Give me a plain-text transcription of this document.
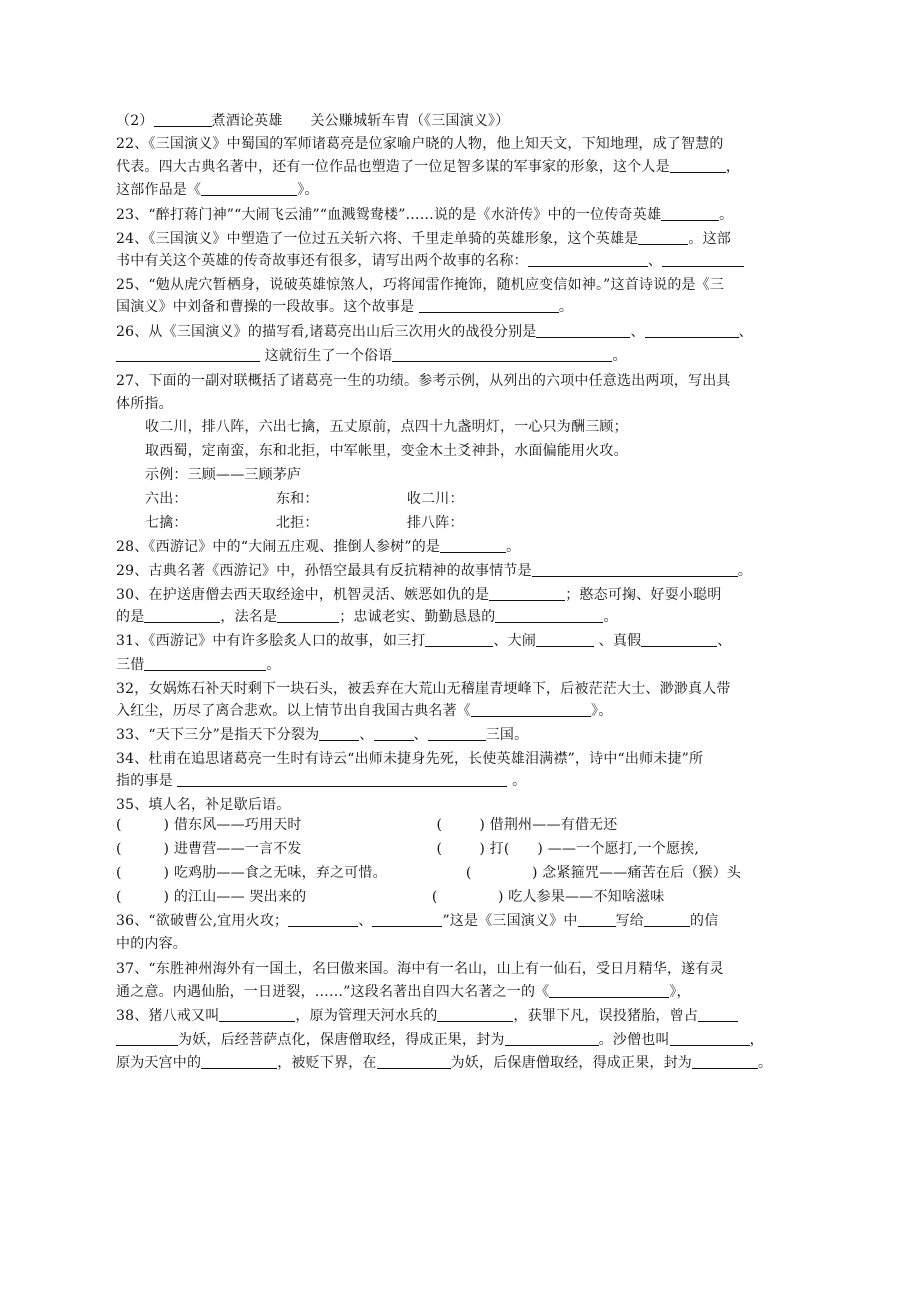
（2）	煮酒论英雄      关公赚城斩车胄（《三国演义》）
22、《三国演义》中蜀国的军师诸葛亮是位家喻户晓的人物，他上知天文，下知地理，成了智慧的
代表。四大古典名著中，还有一位作品也塑造了一位足智多谋的军事家的形象，这个人是	，
这部作品是《	》。
23、“醉打蒋门神”“大闹飞云浦”“血溅鸳鸯楼”……说的是《水浒传》中的一位传奇英雄	。
24、《三国演义》中塑造了一位过五关斩六将、千里走单骑的英雄形象，这个英雄是	。这部
书中有关这个英雄的传奇故事还有很多，请写出两个故事的名称：	、
25、“勉从虎穴暂栖身，说破英雄惊煞人，巧将闻雷作掩饰，随机应变信如神。”这首诗说的是《三
国演义》中刘备和曹操的一段故事。这个故事是	。
26、从《三国演义》的描写看,诸葛亮出山后三次用火的战役分别是	、	、
这就衍生了一个俗语	。
27、下面的一副对联概括了诸葛亮一生的功绩。参考示例，从列出的六项中任意选出两项，写出具
体所指。
收二川，排八阵，六出七擒，五丈原前，点四十九盏明灯，一心只为酬三顾；
取西蜀，定南蛮，东和北拒，中军帐里，变金木土爻神卦，水面偏能用火攻。
示例：三顾——三顾茅庐
六出：                   东和：                   收二川：
七擒：                   北拒：                   排八阵：
28、《西游记》中的“大闹五庄观、推倒人参树”的是	。
29、古典名著《西游记》中，孙悟空最具有反抗精神的故事情节是	。
30、在护送唐僧去西天取经途中，机智灵活、嫉恶如仇的是	；憨态可掬、好耍小聪明
的是	，法名是	；忠诚老实、勤勤恳恳的	。
31、《西游记》中有许多脍炙人口的故事，如三打	、大闹	、真假	、
三借	。
32，女娲炼石补天时剩下一块石头，被丢弃在大荒山无稽崖青埂峰下，后被茫茫大士、渺渺真人带
入红尘，历尽了离合悲欢。以上情节出自我国古典名著《	》。
33、“天下三分”是指天下分裂为	、	、	三国。
34、杜甫在追思诸葛亮一生时有诗云“出师未捷身先死，长使英雄泪满襟”，诗中“出师未捷”所
指的事是	。
35、填人名，补足歇后语。
(         ) 借东风——巧用天时                             (        ) 借荆州——有借无还
(         ) 进曹营——一言不发                             (        ) 打(      ) ——一个愿打,一个愿挨,
(         ) 吃鸡肋——食之无味，弃之可惜。                 (             ) 念紧箍咒——痛苦在后（猴）头
(         ) 的江山—— 哭出来的                           (             ) 吃人参果——不知啥滋味
36、“欲破曹公,宜用火攻；	、	”这是《三国演义》中	写给	的信
中的内容。
37、“东胜神州海外有一国土，名曰傲来国。海中有一名山，山上有一仙石，受日月精华，遂有灵
通之意。内遇仙胎，一日迸裂，……”这段名著出自四大名著之一的《	》，
38、猪八戒又叫	，原为管理天河水兵的	，获罪下凡，误投猪胎，曾占
为妖，后经菩萨点化，保唐僧取经，得成正果，封为	。沙僧也叫	，
原为天宫中的	，被贬下界，在	为妖，后保唐僧取经，得成正果，封为	。
